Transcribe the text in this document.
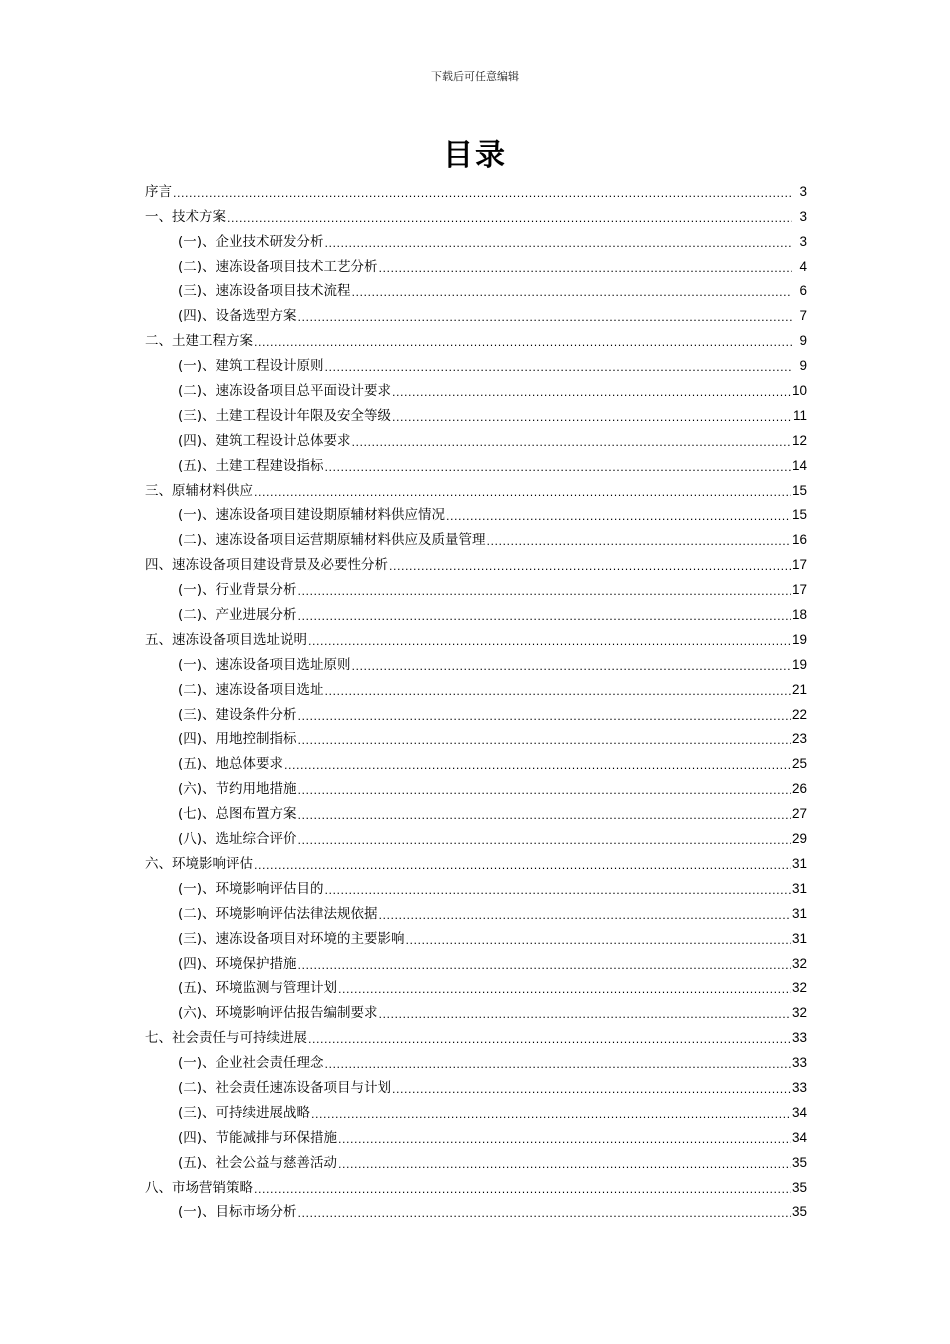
下载后可任意编辑
目录
序言 .....	3
一、技术方案 .....	3
(一)、企业技术研发分析 .....	3
(二)、速冻设备项目技术工艺分析 .....	4
(三)、速冻设备项目技术流程 .....	6
(四)、设备选型方案 .....	7
二、土建工程方案 .....	9
(一)、建筑工程设计原则 .....	9
(二)、速冻设备项目总平面设计要求 .....	10
(三)、土建工程设计年限及安全等级 .....	11
(四)、建筑工程设计总体要求 .....	12
(五)、土建工程建设指标 .....	14
三、原辅材料供应 .....	15
(一)、速冻设备项目建设期原辅材料供应情况 .....	15
(二)、速冻设备项目运营期原辅材料供应及质量管理 .....	16
四、速冻设备项目建设背景及必要性分析 .....	17
(一)、行业背景分析 .....	17
(二)、产业进展分析 .....	18
五、速冻设备项目选址说明 .....	19
(一)、速冻设备项目选址原则 .....	19
(二)、速冻设备项目选址 .....	21
(三)、建设条件分析 .....	22
(四)、用地控制指标 .....	23
(五)、地总体要求 .....	25
(六)、节约用地措施 .....	26
(七)、总图布置方案 .....	27
(八)、选址综合评价 .....	29
六、环境影响评估 .....	31
(一)、环境影响评估目的 .....	31
(二)、环境影响评估法律法规依据 .....	31
(三)、速冻设备项目对环境的主要影响 .....	31
(四)、环境保护措施 .....	32
(五)、环境监测与管理计划 .....	32
(六)、环境影响评估报告编制要求 .....	32
七、社会责任与可持续进展 .....	33
(一)、企业社会责任理念 .....	33
(二)、社会责任速冻设备项目与计划 .....	33
(三)、可持续进展战略 .....	34
(四)、节能减排与环保措施 .....	34
(五)、社会公益与慈善活动 .....	35
八、市场营销策略 .....	35
(一)、目标市场分析 .....	35
